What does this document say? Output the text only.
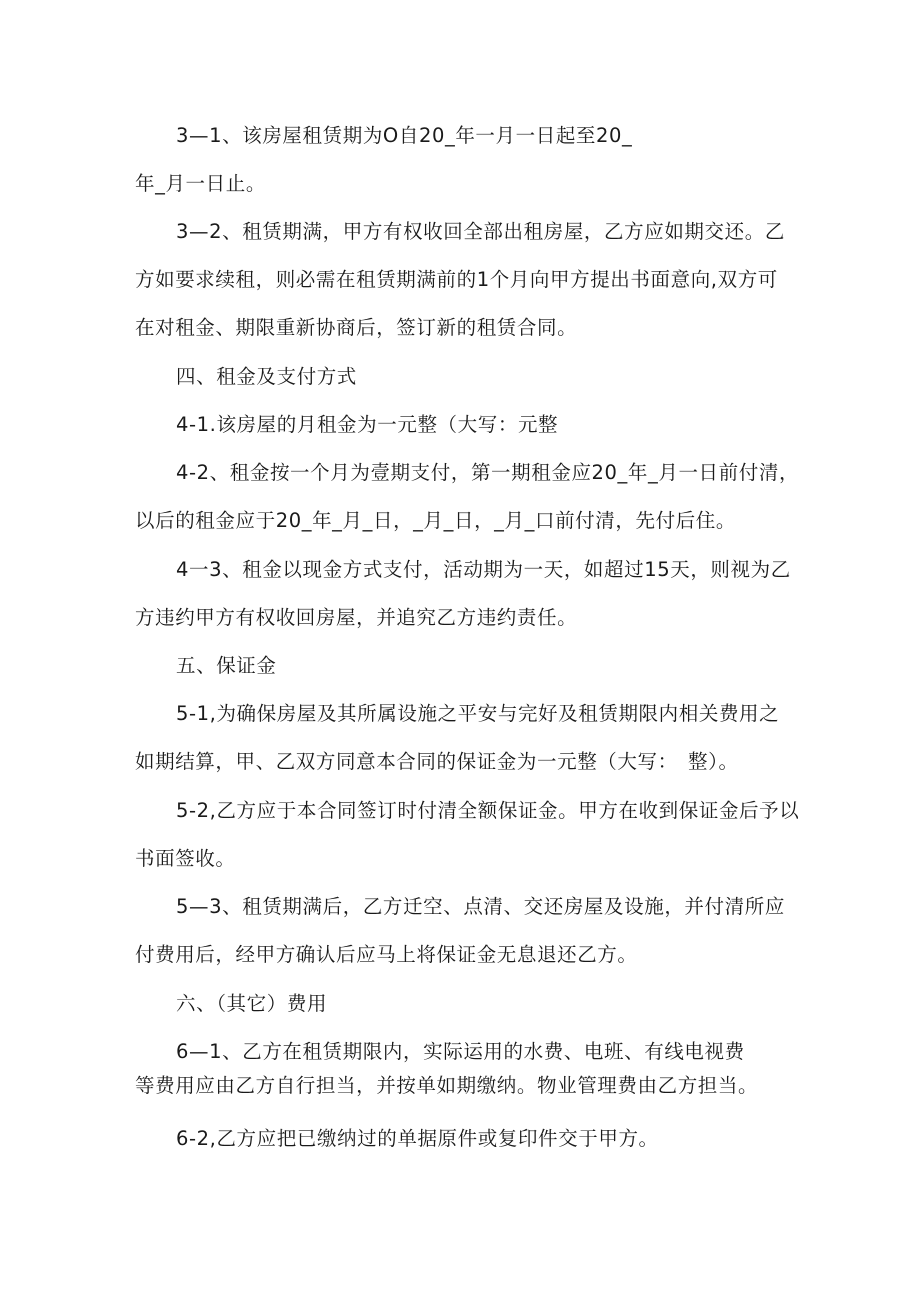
3—1、该房屋租赁期为O自20_年一月一日起至20_
年_月一日止。
3—2、租赁期满，甲方有权收回全部出租房屋，乙方应如期交还。乙
方如要求续租，则必需在租赁期满前的1个月向甲方提出书面意向,双方可
在对租金、期限重新协商后，签订新的租赁合同。
四、租金及支付方式
4-1.该房屋的月租金为一元整（大写：元整
4-2、租金按一个月为壹期支付，第一期租金应20_年_月一日前付清，
以后的租金应于20_年_月_日，_月_日，_月_口前付清，先付后住。
4一3、租金以现金方式支付，活动期为一天，如超过15天，则视为乙
方违约甲方有权收回房屋，并追究乙方违约责任。
五、保证金
5-1,为确保房屋及其所属设施之平安与完好及租赁期限内相关费用之
如期结算，甲、乙双方同意本合同的保证金为一元整（大写：　整）。
5-2,乙方应于本合同签订时付清全额保证金。甲方在收到保证金后予以
书面签收。
5—3、租赁期满后，乙方迁空、点清、交还房屋及设施，并付清所应
付费用后，经甲方确认后应马上将保证金无息退还乙方。
六、（其它）费用
6—1、乙方在租赁期限内，实际运用的水费、电班、有线电视费
等费用应由乙方自行担当，并按单如期缴纳。物业管理费由乙方担当。
6-2,乙方应把已缴纳过的单据原件或复印件交于甲方。
